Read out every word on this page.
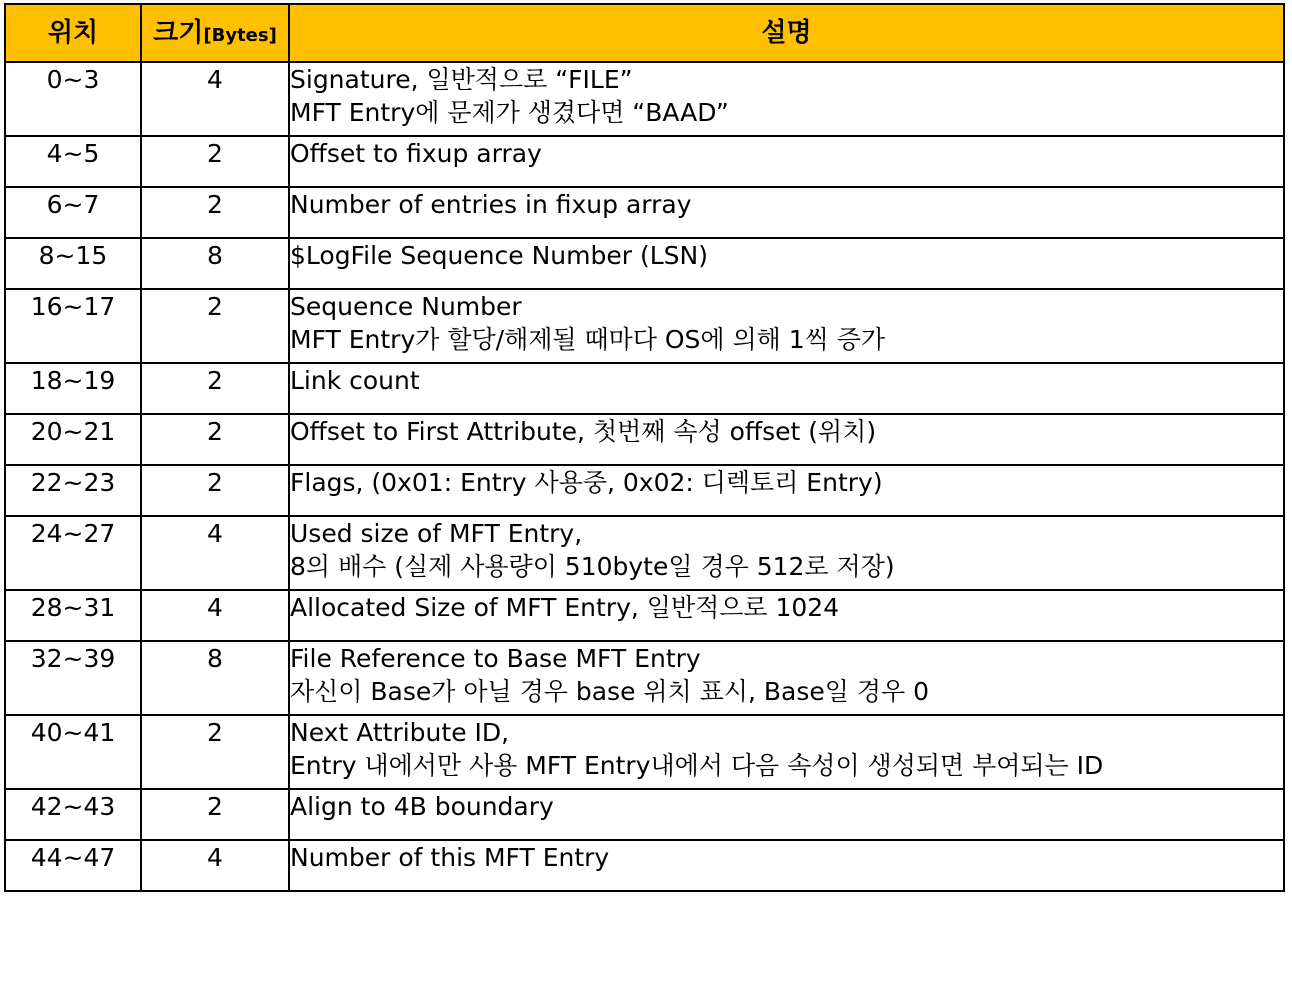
위치	크기[Bytes]	설명
0~3	4	Signature, 일반적으로 “FILE”
MFT Entry에 문제가 생겼다면 “BAAD”

4~5	2	Offset to fixup array

6~7	2	Number of entries in fixup array

8~15	8	$LogFile Sequence Number (LSN)

16~17	2	Sequence Number
MFT Entry가 할당/해제될 때마다 OS에 의해 1씩 증가

18~19	2	Link count

20~21	2	Offset to First Attribute, 첫번째 속성 offset (위치)

22~23	2	Flags, (0x01: Entry 사용중, 0x02: 디렉토리 Entry)

24~27	4	Used size of MFT Entry,
8의 배수 (실제 사용량이 510byte일 경우 512로 저장)

28~31	4	Allocated Size of MFT Entry, 일반적으로 1024

32~39	8	File Reference to Base MFT Entry
자신이 Base가 아닐 경우 base 위치 표시, Base일 경우 0

40~41	2	Next Attribute ID,
Entry 내에서만 사용 MFT Entry내에서 다음 속성이 생성되면 부여되는 ID

42~43	2	Align to 4B boundary

44~47	4	Number of this MFT Entry
